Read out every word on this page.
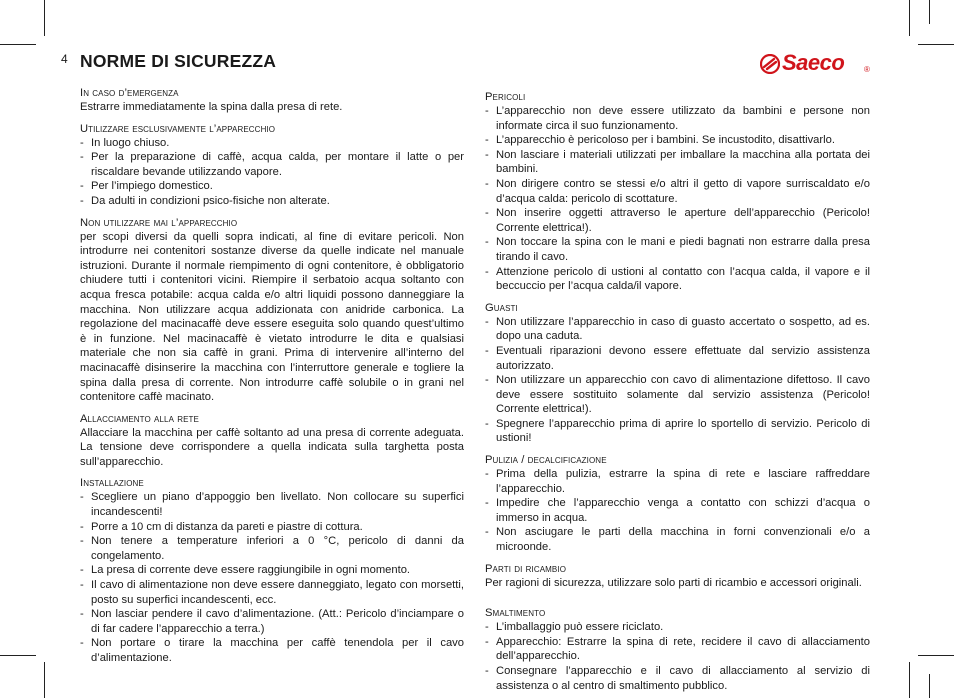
4 NORME DI SICUREZZA	Saeco ®
In caso d’emergenza

Estrarre immediatamente la spina dalla presa di rete.

Utilizzare esclusivamente l’apparecchio
- In luogo chiuso.
- Per la preparazione di caffè, acqua calda, per montare il latte o per riscaldare bevande utilizzando vapore.
- Per l’impiego domestico.
- Da adulti in condizioni psico-fisiche non alterate.
Non utilizzare mai l’apparecchio

per scopi diversi da quelli sopra indicati, al fine di evitare pericoli. Non introdurre nei contenitori sostanze diverse da quelle indicate nel manuale istruzioni. Durante il normale riempimento di ogni contenitore, è obbligatorio chiudere tutti i contenitori vicini. Riempire il serbatoio acqua soltanto con acqua fresca potabile: acqua calda e/o altri liquidi possono danneggiare la macchina. Non utilizzare acqua addizionata con anidride carbonica. La regolazione del macinacaffè deve essere eseguita solo quando quest’ultimo è in funzione. Nel macinacaffè è vietato introdurre le dita e qualsiasi materiale che non sia caffè in grani. Prima di intervenire all’interno del macinacaffè disinserire la macchina con l’interruttore generale e togliere la spina dalla presa di corrente. Non introdurre caffè solubile o in grani nel contenitore caffè macinato.

Allacciamento alla rete

Allacciare la macchina per caffè soltanto ad una presa di corrente adeguata. La tensione deve corrispondere a quella indicata sulla targhetta posta sull’apparecchio.

Installazione
- Scegliere un piano d’appoggio ben livellato. Non collocare su superfici incandescenti!
- Porre a 10 cm di distanza da pareti e piastre di cottura.
- Non tenere a temperature inferiori a 0 °C, pericolo di danni da congelamento.
- La presa di corrente deve essere raggiungibile in ogni momento.
- Il cavo di alimentazione non deve essere danneggiato, legato con morsetti, posto su superfici incandescenti, ecc.
- Non lasciar pendere il cavo d’alimentazione. (Att.: Pericolo d’inciampare o di far cadere l’apparecchio a terra.)
- Non portare o tirare la macchina per caffè tenendola per il cavo d’alimentazione.
Pericoli
- L’apparecchio non deve essere utilizzato da bambini e persone non informate circa il suo funzionamento.
- L’apparecchio è pericoloso per i bambini. Se incustodito, disattivarlo.
- Non lasciare i materiali utilizzati per imballare la macchina alla portata dei bambini.
- Non dirigere contro se stessi e/o altri il getto di vapore surriscaldato e/o d’acqua calda: pericolo di scottature.
- Non inserire oggetti attraverso le aperture dell’apparecchio (Pericolo! Corrente elettrica!).
- Non toccare la spina con le mani e piedi bagnati non estrarre dalla presa tirando il cavo.
- Attenzione pericolo di ustioni al contatto con l’acqua calda, il vapore e il beccuccio per l’acqua calda/il vapore.
Guasti
- Non utilizzare l’apparecchio in caso di guasto accertato o sospetto, ad es. dopo una caduta.
- Eventuali riparazioni devono essere effettuate dal servizio assistenza autorizzato.
- Non utilizzare un apparecchio con cavo di alimentazione difettoso. Il cavo deve essere sostituito solamente dal servizio assistenza (Pericolo! Corrente elettrica!).
- Spegnere l’apparecchio prima di aprire lo sportello di servizio. Pericolo di ustioni!
Pulizia / decalcificazione
- Prima della pulizia, estrarre la spina di rete e lasciare raffreddare l’apparecchio.
- Impedire che l’apparecchio venga a contatto con schizzi d’acqua o immerso in acqua.
- Non asciugare le parti della macchina in forni convenzionali e/o a microonde.
Parti di ricambio

Per ragioni di sicurezza, utilizzare solo parti di ricambio e accessori originali.

Smaltimento
- L’imballaggio può essere riciclato.
- Apparecchio: Estrarre la spina di rete, recidere il cavo di allacciamento dell’apparecchio.
- Consegnare l’apparecchio e il cavo di allacciamento al servizio di assistenza o al centro di smaltimento pubblico.
